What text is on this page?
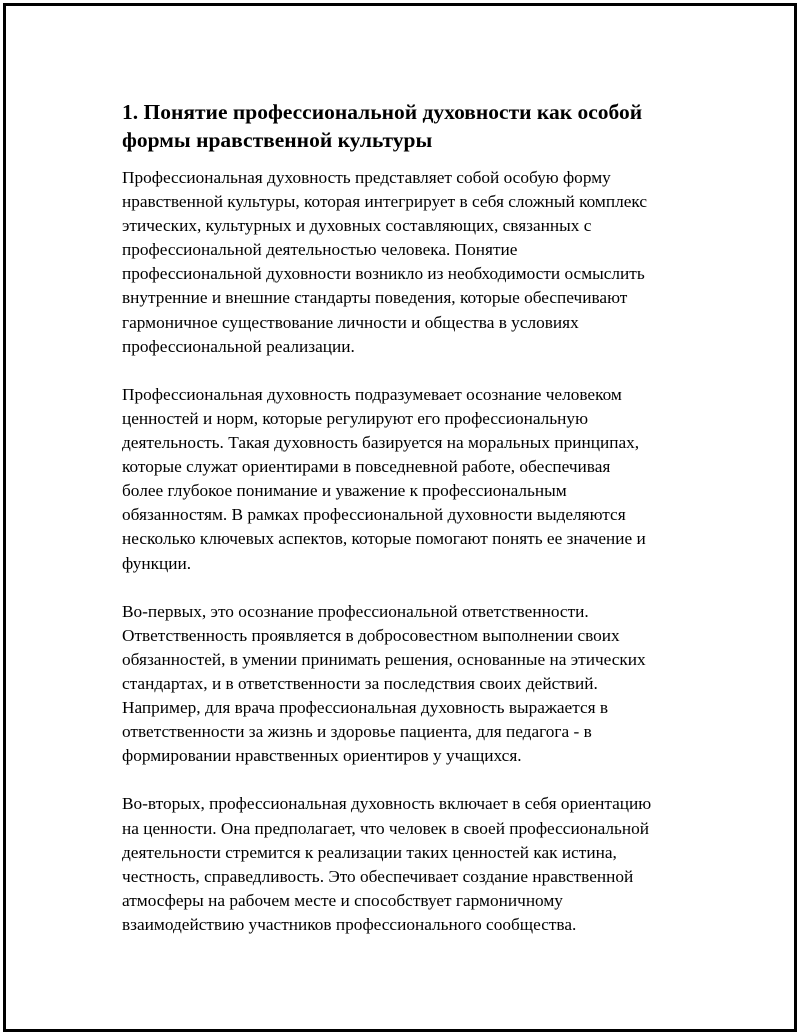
1. Понятие профессиональной духовности как особой
формы нравственной культуры

Профессиональная духовность представляет собой особую форму
нравственной культуры, которая интегрирует в себя сложный комплекс
этических, культурных и духовных составляющих, связанных с
профессиональной деятельностью человека. Понятие
профессиональной духовности возникло из необходимости осмыслить
внутренние и внешние стандарты поведения, которые обеспечивают
гармоничное существование личности и общества в условиях
профессиональной реализации.

Профессиональная духовность подразумевает осознание человеком
ценностей и норм, которые регулируют его профессиональную
деятельность. Такая духовность базируется на моральных принципах,
которые служат ориентирами в повседневной работе, обеспечивая
более глубокое понимание и уважение к профессиональным
обязанностям. В рамках профессиональной духовности выделяются
несколько ключевых аспектов, которые помогают понять ее значение и
функции.

Во-первых, это осознание профессиональной ответственности.
Ответственность проявляется в добросовестном выполнении своих
обязанностей, в умении принимать решения, основанные на этических
стандартах, и в ответственности за последствия своих действий.
Например, для врача профессиональная духовность выражается в
ответственности за жизнь и здоровье пациента, для педагога - в
формировании нравственных ориентиров у учащихся.

Во-вторых, профессиональная духовность включает в себя ориентацию
на ценности. Она предполагает, что человек в своей профессиональной
деятельности стремится к реализации таких ценностей как истина,
честность, справедливость. Это обеспечивает создание нравственной
атмосферы на рабочем месте и способствует гармоничному
взаимодействию участников профессионального сообщества.
